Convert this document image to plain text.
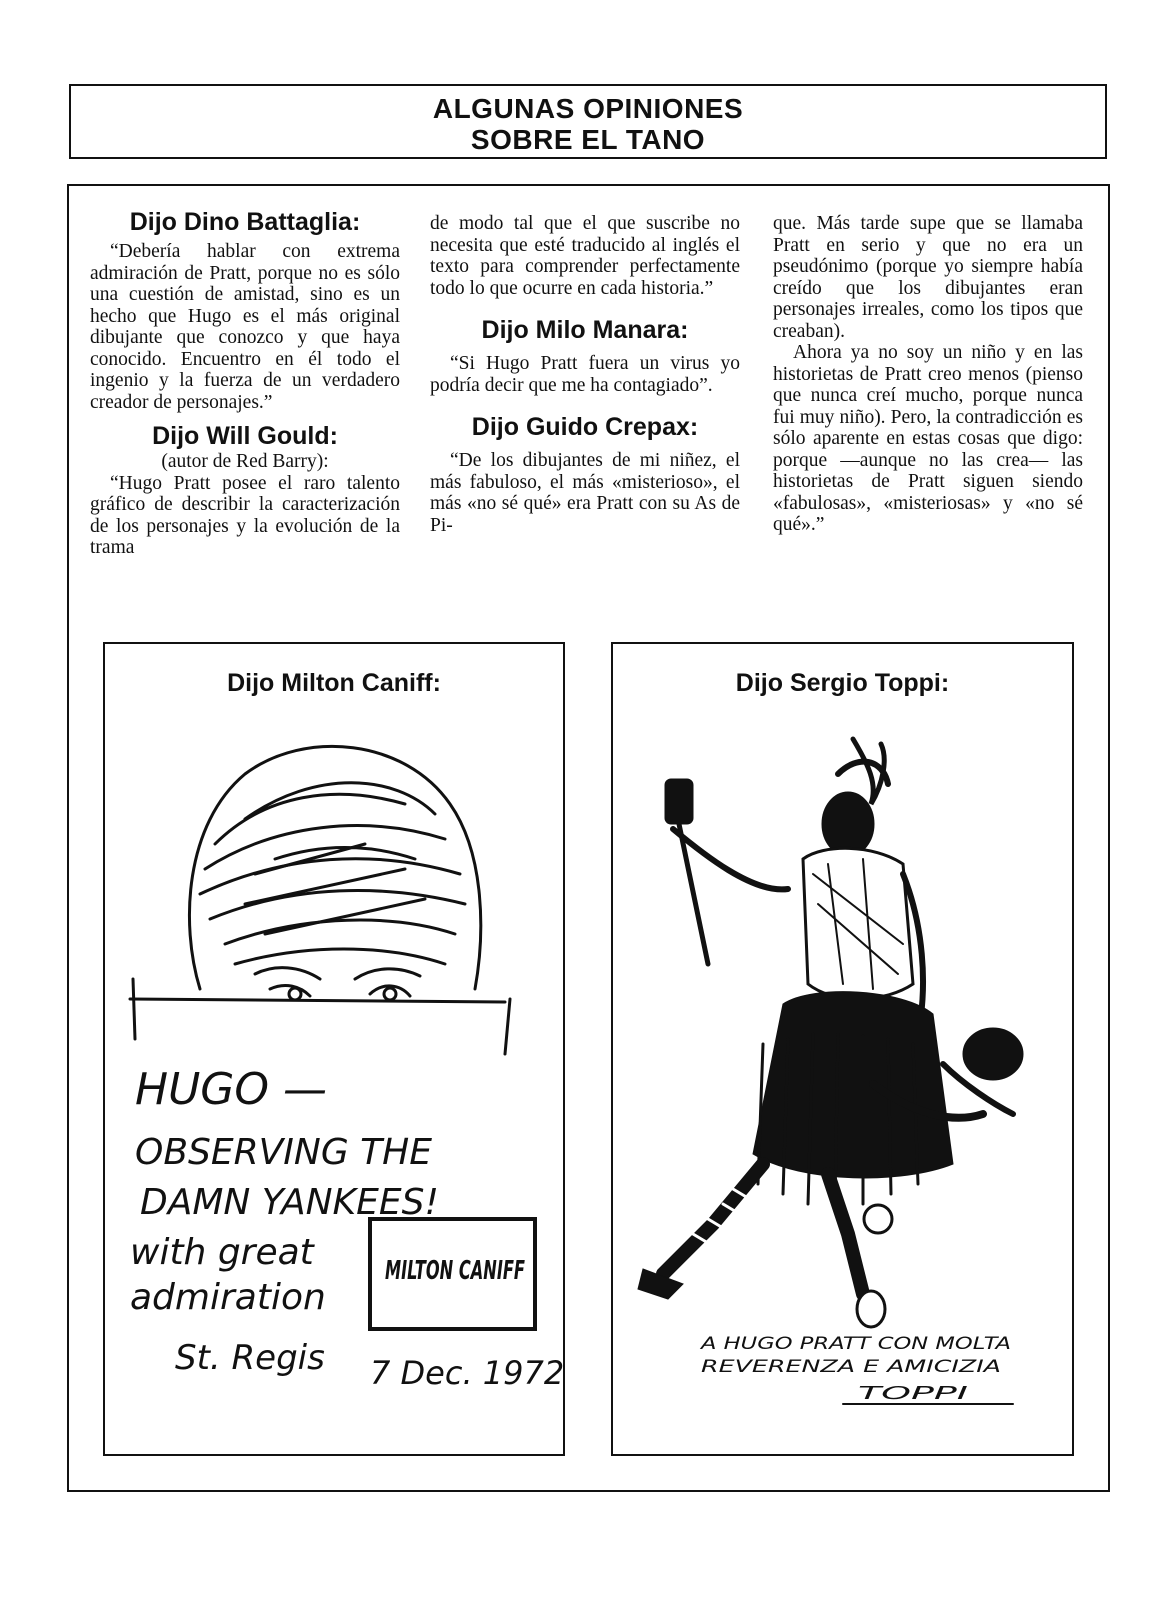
ALGUNAS OPINIONES
SOBRE EL TANO
Dijo Dino Battaglia:

“Debería hablar con extrema admiración de Pratt, porque no es sólo una cuestión de amistad, sino es un hecho que Hugo es el más original dibujante que conozco y que haya conocido. Encuentro en él todo el ingenio y la fuerza de un verdadero creador de personajes.”

Dijo Will Gould:
(autor de Red Barry):

“Hugo Pratt posee el raro talento gráfico de describir la caracterización de los personajes y la evolución de la trama

de modo tal que el que suscribe no necesita que esté traducido al inglés el texto para comprender perfectamente todo lo que ocurre en cada historia.”

Dijo Milo Manara:

“Si Hugo Pratt fuera un virus yo podría decir que me ha contagiado”.

Dijo Guido Crepax:

“De los dibujantes de mi niñez, el más fabuloso, el más «misterioso», el más «no sé qué» era Pratt con su As de Pi-

que. Más tarde supe que se llamaba Pratt en serio y que no era un pseudónimo (porque yo siempre había creído que los dibujantes eran personajes irreales, como los tipos que creaban).

Ahora ya no soy un niño y en las historietas de Pratt creo menos (pienso que nunca creí mucho, porque nunca fui muy niño). Pero, la contradicción es sólo aparente en estas cosas que digo: porque —aunque no las crea— las historietas de Pratt siguen siendo «fabulosas», «misteriosas» y «no sé qué».”

Dijo Milton Caniff:
HUGO —
OBSERVING THE
DAMN YANKEES!
with great
admiration
St. Regis 7 Dec. 1972
MILTON CANIFF
Dijo Sergio Toppi:
A HUGO PRATT CON MOLTA
REVERENZA E AMICIZIA
TOPPI
